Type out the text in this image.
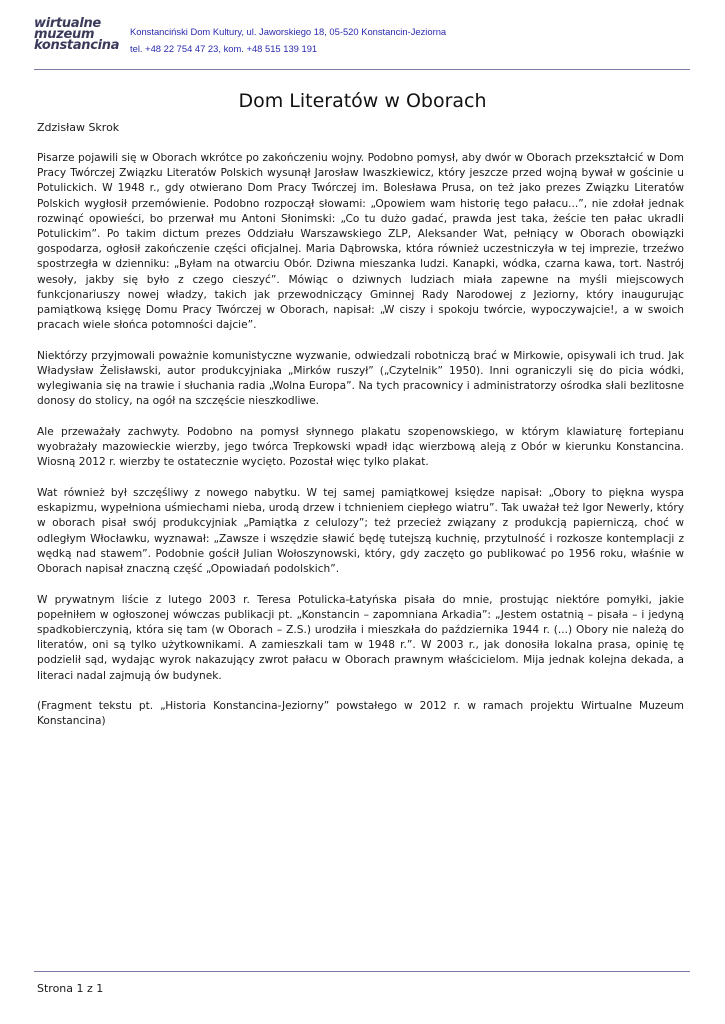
wirtualne
muzeum
konstancina
Konstanciński Dom Kultury, ul. Jaworskiego 18, 05-520 Konstancin-Jeziorna
tel. +48 22 754 47 23, kom. +48 515 139 191
Dom Literatów w Oborach

Zdzisław Skrok

Pisarze pojawili się w Oborach wkrótce po zakończeniu wojny. Podobno pomysł, aby dwór w Oborach przekształcić w Dom Pracy Twórczej Związku Literatów Polskich wysunął Jarosław Iwaszkiewicz, który jeszcze przed wojną bywał w gościnie u Potulickich. W 1948 r., gdy otwierano Dom Pracy Twórczej im. Bolesława Prusa, on też jako prezes Związku Literatów Polskich wygłosił przemówienie. Podobno rozpoczął słowami: „Opowiem wam historię tego pałacu...”, nie zdołał jednak rozwinąć opowieści, bo przerwał mu Antoni Słonimski: „Co tu dużo gadać, prawda jest taka, żeście ten pałac ukradli Potulickim”. Po takim dictum prezes Oddziału Warszawskiego ZLP, Aleksander Wat, pełniący w Oborach obowiązki gospodarza, ogłosił zakończenie części oficjalnej. Maria Dąbrowska, która również uczestniczyła w tej imprezie, trzeźwo spostrzegła w dzienniku: „Byłam na otwarciu Obór. Dziwna mieszanka ludzi. Kanapki, wódka, czarna kawa, tort. Nastrój wesoły, jakby się było z czego cieszyć”. Mówiąc o dziwnych ludziach miała zapewne na myśli miejscowych funkcjonariuszy nowej władzy, takich jak przewodniczący Gminnej Rady Narodowej z Jeziorny, który inaugurując pamiątkową księgę Domu Pracy Twórczej w Oborach, napisał: „W ciszy i spokoju twórcie, wypoczywajcie!, a w swoich pracach wiele słońca potomności dajcie”.

Niektórzy przyjmowali poważnie komunistyczne wyzwanie, odwiedzali robotniczą brać w Mirkowie, opisywali ich trud. Jak Władysław Żelisławski, autor produkcyjniaka „Mirków ruszył” („Czytelnik” 1950). Inni ograniczyli się do picia wódki, wylegiwania się na trawie i słuchania radia „Wolna Europa”. Na tych pracownicy i administratorzy ośrodka słali bezlitosne donosy do stolicy, na ogół na szczęście nieszkodliwe.

Ale przeważały zachwyty. Podobno na pomysł słynnego plakatu szopenowskiego, w którym klawiaturę fortepianu wyobrażały mazowieckie wierzby, jego twórca Trepkowski wpadł idąc wierzbową aleją z Obór w kierunku Konstancina. Wiosną 2012 r. wierzby te ostatecznie wycięto. Pozostał więc tylko plakat.

Wat również był szczęśliwy z nowego nabytku. W tej samej pamiątkowej księdze napisał: „Obory to piękna wyspa eskapizmu, wypełniona uśmiechami nieba, urodą drzew i tchnieniem ciepłego wiatru”. Tak uważał też Igor Newerly, który w oborach pisał swój produkcyjniak „Pamiątka z celulozy”; też przecież związany z produkcją papierniczą, choć w odległym Włocławku, wyznawał: „Zawsze i wszędzie sławić będę tutejszą kuchnię, przytulność i rozkosze kontemplacji z wędką nad stawem”. Podobnie gościł Julian Wołoszynowski, który, gdy zaczęto go publikować po 1956 roku, właśnie w Oborach napisał znaczną część „Opowiadań podolskich”.

W prywatnym liście z lutego 2003 r. Teresa Potulicka-Łatyńska pisała do mnie, prostując niektóre pomyłki, jakie popełniłem w ogłoszonej wówczas publikacji pt. „Konstancin – zapomniana Arkadia”: „Jestem ostatnią – pisała – i jedyną spadkobierczynią, która się tam (w Oborach – Z.S.) urodziła i mieszkała do października 1944 r. (...) Obory nie należą do literatów, oni są tylko użytkownikami. A zamieszkali tam w 1948 r.”. W 2003 r., jak donosiła lokalna prasa, opinię tę podzielił sąd, wydając wyrok nakazujący zwrot pałacu w Oborach prawnym właścicielom. Mija jednak kolejna dekada, a literaci nadal zajmują ów budynek.

(Fragment tekstu pt. „Historia Konstancina-Jeziorny” powstałego w 2012 r. w ramach projektu Wirtualne Muzeum Konstancina)

Strona 1 z 1
